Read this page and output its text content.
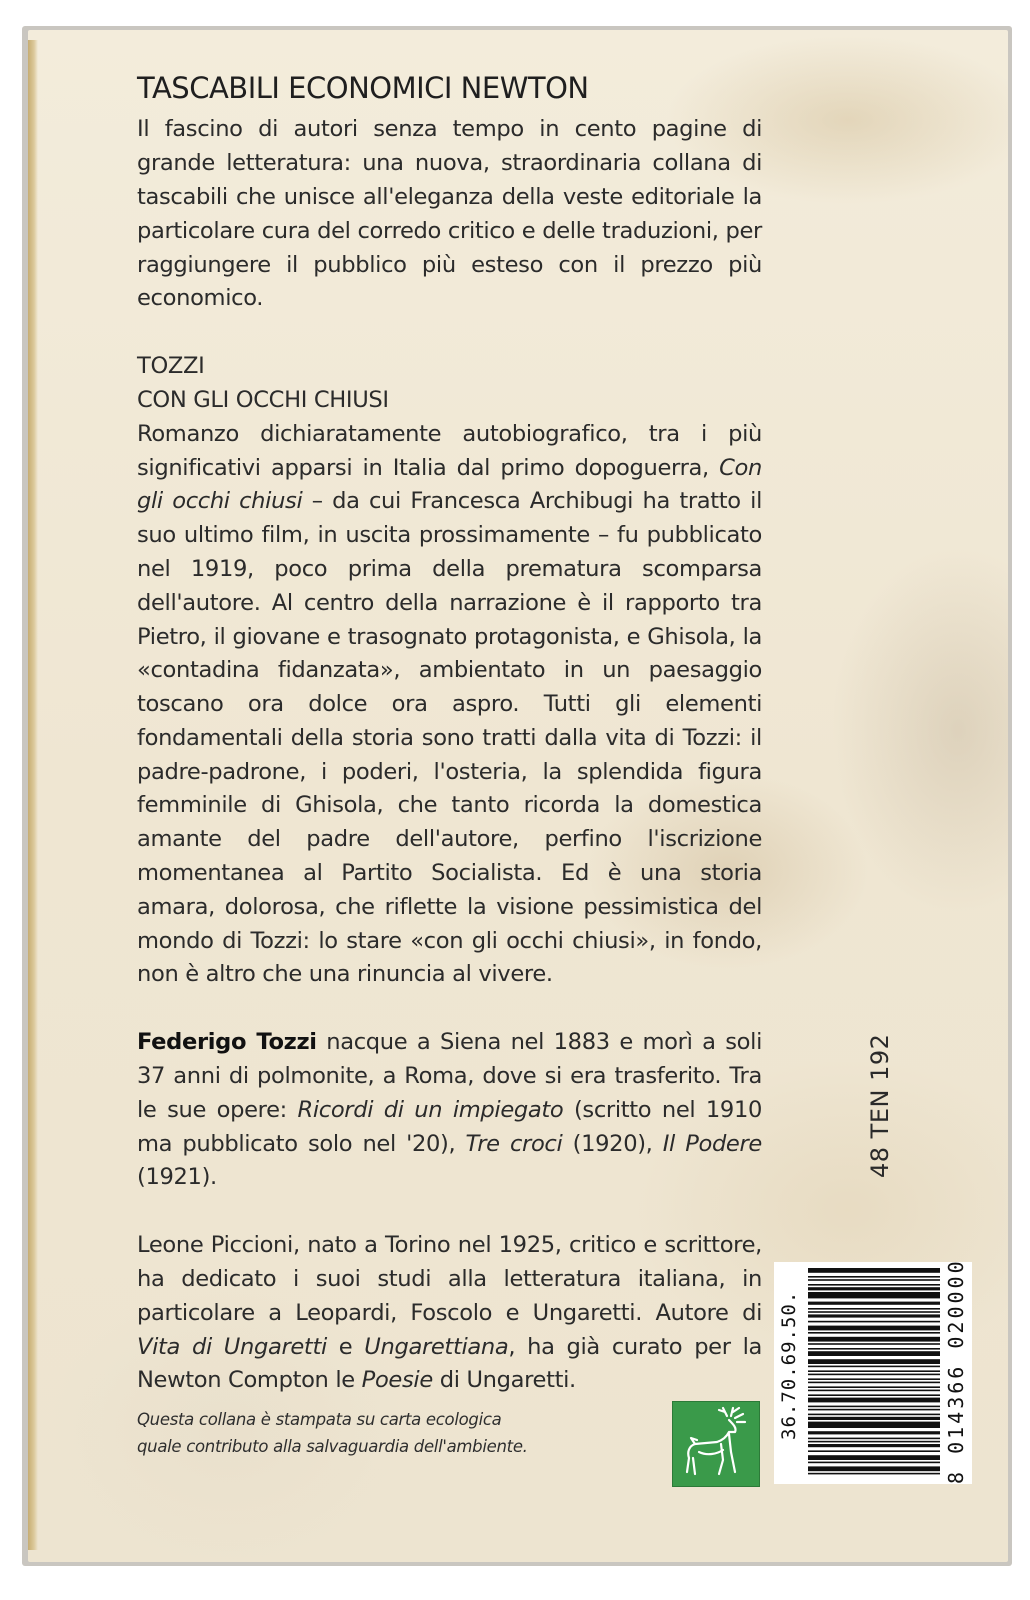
TASCABILI ECONOMICI NEWTON

Il fascino di autori senza tempo in cento pagine di grande letteratura: una nuova, straordinaria collana di tascabili che unisce all'eleganza della veste editoriale la particolare cura del corredo critico e delle traduzioni, per raggiungere il pubblico più esteso con il prezzo più economico.

TOZZI

CON GLI OCCHI CHIUSI

Romanzo dichiaratamente autobiografico, tra i più significativi apparsi in Italia dal primo dopoguerra, Con gli occhi chiusi – da cui Francesca Archibugi ha tratto il suo ultimo film, in uscita prossimamente – fu pubblicato nel 1919, poco prima della prematura scomparsa dell'autore. Al centro della narrazione è il rapporto tra Pietro, il giovane e trasognato protagonista, e Ghisola, la «contadina fidanzata», ambientato in un paesaggio toscano ora dolce ora aspro. Tutti gli elementi fondamentali della storia sono tratti dalla vita di Tozzi: il padre-padrone, i poderi, l'osteria, la splendida figura femminile di Ghisola, che tanto ricorda la domestica amante del padre dell'autore, perfino l'iscrizione momentanea al Partito Socialista. Ed è una storia amara, dolorosa, che riflette la visione pessimistica del mondo di Tozzi: lo stare «con gli occhi chiusi», in fondo, non è altro che una rinuncia al vivere.

Federigo Tozzi nacque a Siena nel 1883 e morì a soli 37 anni di polmonite, a Roma, dove si era trasferito. Tra le sue opere: Ricordi di un impiegato (scritto nel 1910 ma pubblicato solo nel '20), Tre croci (1920), Il Podere (1921).

Leone Piccioni, nato a Torino nel 1925, critico e scrittore, ha dedicato i suoi studi alla letteratura italiana, in particolare a Leopardi, Foscolo e Ungaretti. Autore di Vita di Ungaretti e Ungarettiana, ha già curato per la Newton Compton le Poesie di Ungaretti.

Questa collana è stampata su carta ecologica
quale contributo alla salvaguardia dell'ambiente.
48 TEN 192
36.70.69.50.	8 014366 020000
